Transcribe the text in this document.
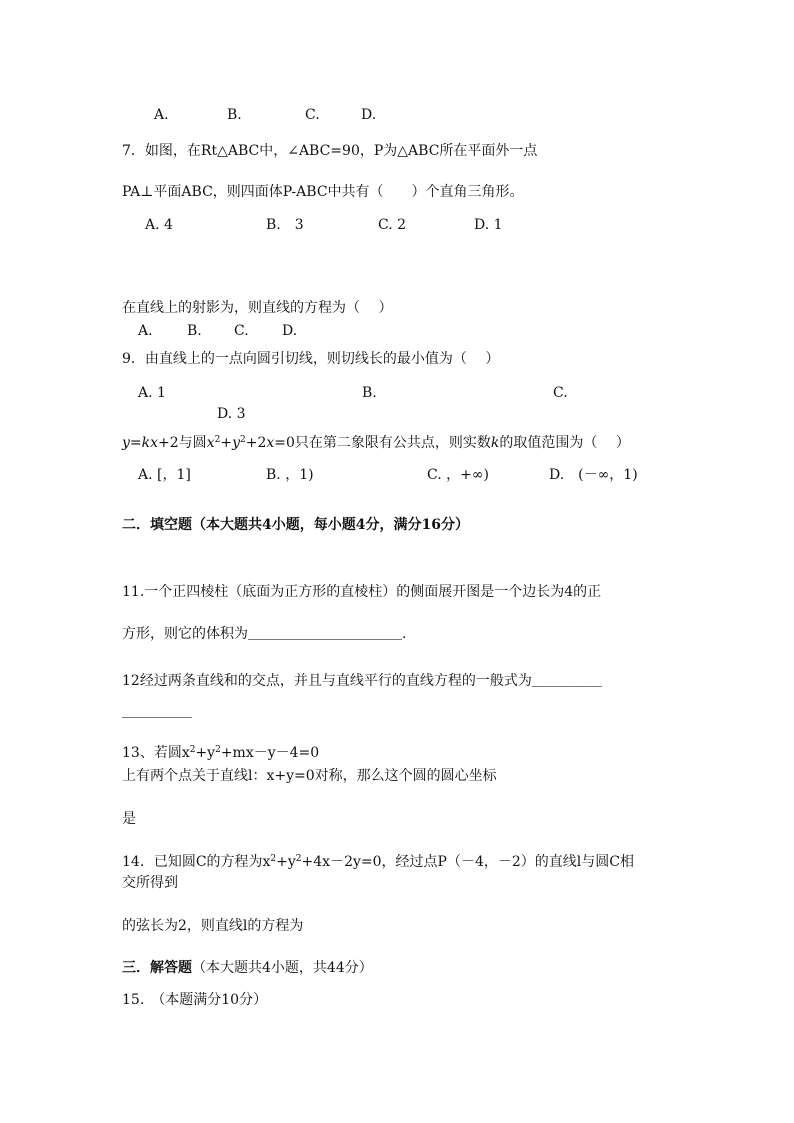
A.	B.	C.	D.
7．如图，在Rt△ABC中，∠ABC=90，P为△ABC所在平面外一点
PA⊥平面ABC，则四面体P-ABC中共有（　　）个直角三角形。
A. 4	B.　3	C. 2	D. 1
在直线上的射影为，则直线的方程为（　 ）
A. B. C. D.
9．由直线上的一点向圆引切线，则切线长的最小值为（　 ）
A. 1	B.	C.
D. 3
y=kx+2与圆$x^2+y^2+2x=0$只在第二象限有公共点，则实数k的取值范围为（　 ）
A. [，1]	B. ，1)	C. ，+∞)	D.　(－∞，1)
二．填空题（本大题共4小题，每小题4分，满分16分）
11.一个正四棱柱（底面为正方形的直棱柱）的侧面展开图是一个边长为4的正
方形，则它的体积为＿＿＿＿＿＿＿＿＿＿＿.
12经过两条直线和的交点，并且与直线平行的直线方程的一般式为＿＿＿＿＿
＿＿＿＿＿
13、若圆$x^2+y^2+mx-y-4=0$
上有两个点关于直线l：x+y=0对称，那么这个圆的圆心坐标
是
14．已知圆C的方程为$x^2+y^2+4x-2y=0$，经过点P（－4，－2）的直线l与圆C相
交所得到
的弦长为2，则直线l的方程为
三．解答题（本大题共4小题，共44分）
15.　（本题满分10分）
